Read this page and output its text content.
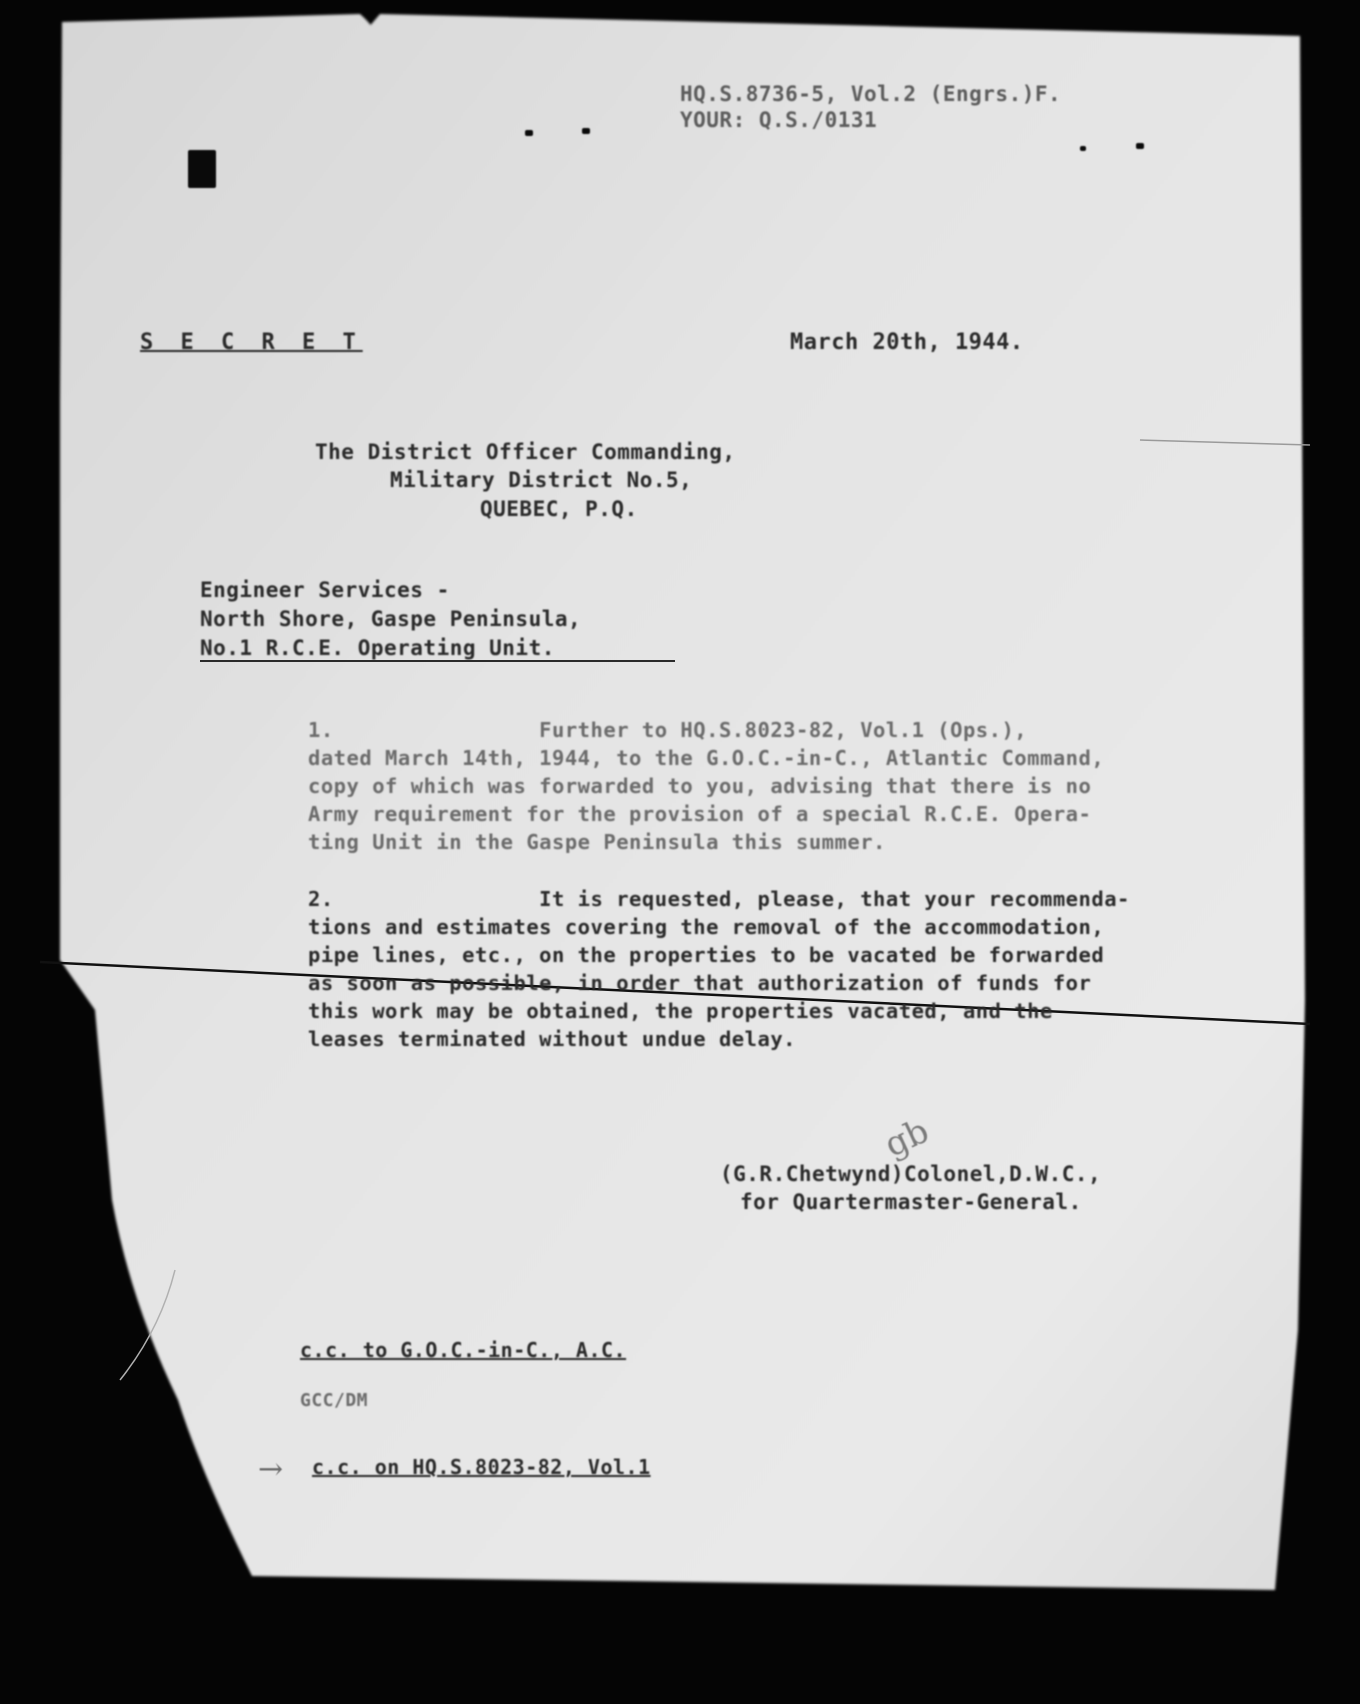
HQ.S.8736-5, Vol.2 (Engrs.)F.
YOUR: Q.S./0131
S E C R E T	March 20th, 1944.
The District Officer Commanding,
Military District No.5,
QUEBEC, P.Q.
Engineer Services -
North Shore, Gaspe Peninsula,
No.1 R.C.E. Operating Unit.
1.                Further to HQ.S.8023-82, Vol.1 (Ops.),
dated March 14th, 1944, to the G.O.C.-in-C., Atlantic Command,
copy of which was forwarded to you, advising that there is no
Army requirement for the provision of a special R.C.E. Opera-
ting Unit in the Gaspe Peninsula this summer.
2.                It is requested, please, that your recommenda-
tions and estimates covering the removal of the accommodation,
pipe lines, etc., on the properties to be vacated be forwarded
as soon as possible, in order that authorization of funds for
this work may be obtained, the properties vacated, and the
leases terminated without undue delay.
gb
(G.R.Chetwynd)Colonel,D.W.C.,
for Quartermaster-General.
c.c. to G.O.C.-in-C., A.C.
GCC/DM
→ c.c. on HQ.S.8023-82, Vol.1
